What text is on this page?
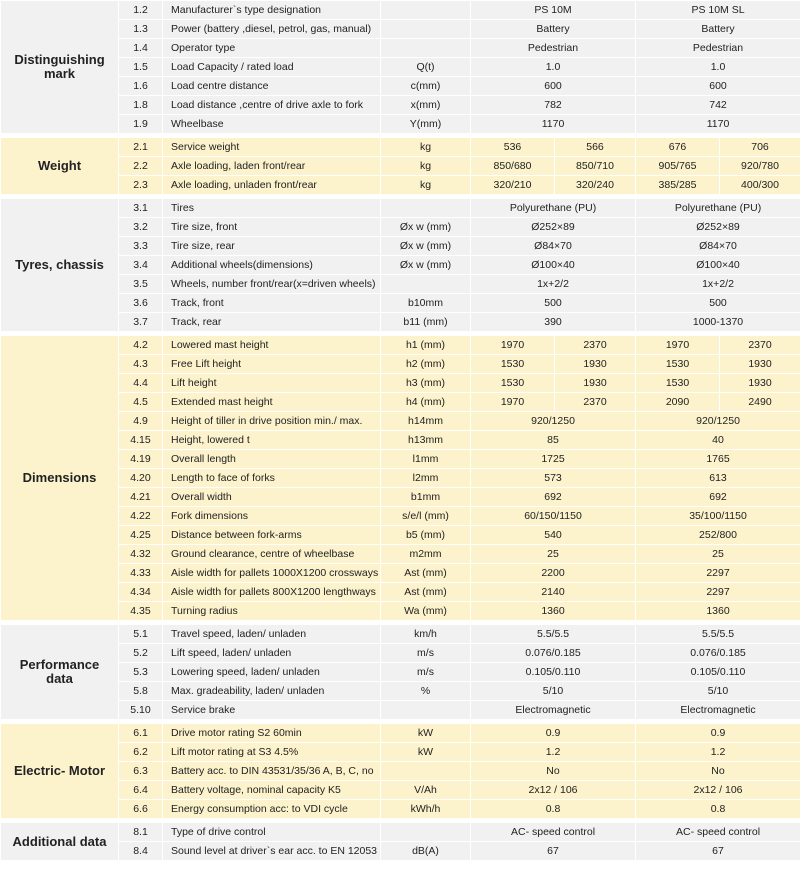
Distinguishing mark	1.2	Manufacturer`s type designation		PS 10M		PS 10M SL	
	1.3	Power (battery ,diesel, petrol, gas, manual)		Battery		Battery	
	1.4	Operator type		Pedestrian		Pedestrian	
	1.5	Load Capacity / rated load	Q(t)	1.0		1.0	
	1.6	Load centre distance	c(mm)	600		600	
	1.8	Load distance ,centre of drive axle to fork	x(mm)	782		742	
	1.9	Wheelbase	Y(mm)	1170		1170	

Weight	2.1	Service weight	kg	536	566	676	706
	2.2	Axle loading, laden front/rear	kg	850/680	850/710	905/765	920/780
	2.3	Axle loading, unladen front/rear	kg	320/210	320/240	385/285	400/300

Tyres, chassis	3.1	Tires		Polyurethane (PU)		Polyurethane (PU)	
	3.2	Tire size, front	Øx w (mm)	Ø252×89		Ø252×89	
	3.3	Tire size, rear	Øx w (mm)	Ø84×70		Ø84×70	
	3.4	Additional wheels(dimensions)	Øx w (mm)	Ø100×40		Ø100×40	
	3.5	Wheels, number front/rear(x=driven wheels)		1x+2/2		1x+2/2	
	3.6	Track, front	b10mm	500		500	
	3.7	Track, rear	b11 (mm)	390		1000-1370	

Dimensions	4.2	Lowered mast height	h1 (mm)	1970	2370	1970	2370
	4.3	Free Lift height	h2 (mm)	1530	1930	1530	1930
	4.4	Lift height	h3 (mm)	1530	1930	1530	1930
	4.5	Extended mast height	h4 (mm)	1970	2370	2090	2490
	4.9	Height of tiller in drive position min./ max.	h14mm	920/1250		920/1250	
	4.15	Height, lowered t	h13mm	85		40	
	4.19	Overall length	l1mm	1725		1765	
	4.20	Length to face of forks	l2mm	573		613	
	4.21	Overall width	b1mm	692		692	
	4.22	Fork dimensions	s/e/l (mm)	60/150/1150		35/100/1150	
	4.25	Distance between fork-arms	b5 (mm)	540		252/800	
	4.32	Ground clearance, centre of wheelbase	m2mm	25		25	
	4.33	Aisle width for pallets 1000X1200 crossways	Ast (mm)	2200		2297	
	4.34	Aisle width for pallets 800X1200 lengthways	Ast (mm)	2140		2297	
	4.35	Turning radius	Wa (mm)	1360		1360	

Performance data	5.1	Travel speed, laden/ unladen	km/h	5.5/5.5		5.5/5.5	
	5.2	Lift speed, laden/ unladen	m/s	0.076/0.185		0.076/0.185	
	5.3	Lowering speed, laden/ unladen	m/s	0.105/0.110		0.105/0.110	
	5.8	Max. gradeability, laden/ unladen	%	5/10		5/10	
	5.10	Service brake		Electromagnetic		Electromagnetic	

Electric- Motor	6.1	Drive motor rating S2 60min	kW	0.9		0.9	
	6.2	Lift motor rating at S3 4.5%	kW	1.2		1.2	
	6.3	Battery acc. to DIN 43531/35/36 A, B, C, no		No		No	
	6.4	Battery voltage, nominal capacity K5	V/Ah	2x12 / 106		2x12 / 106	
	6.6	Energy consumption acc: to VDI cycle	kWh/h	0.8		0.8	

Additional data	8.1	Type of drive control		AC- speed control		AC- speed control	
	8.4	Sound level at driver`s ear acc. to EN 12053	dB(A)	67		67	
